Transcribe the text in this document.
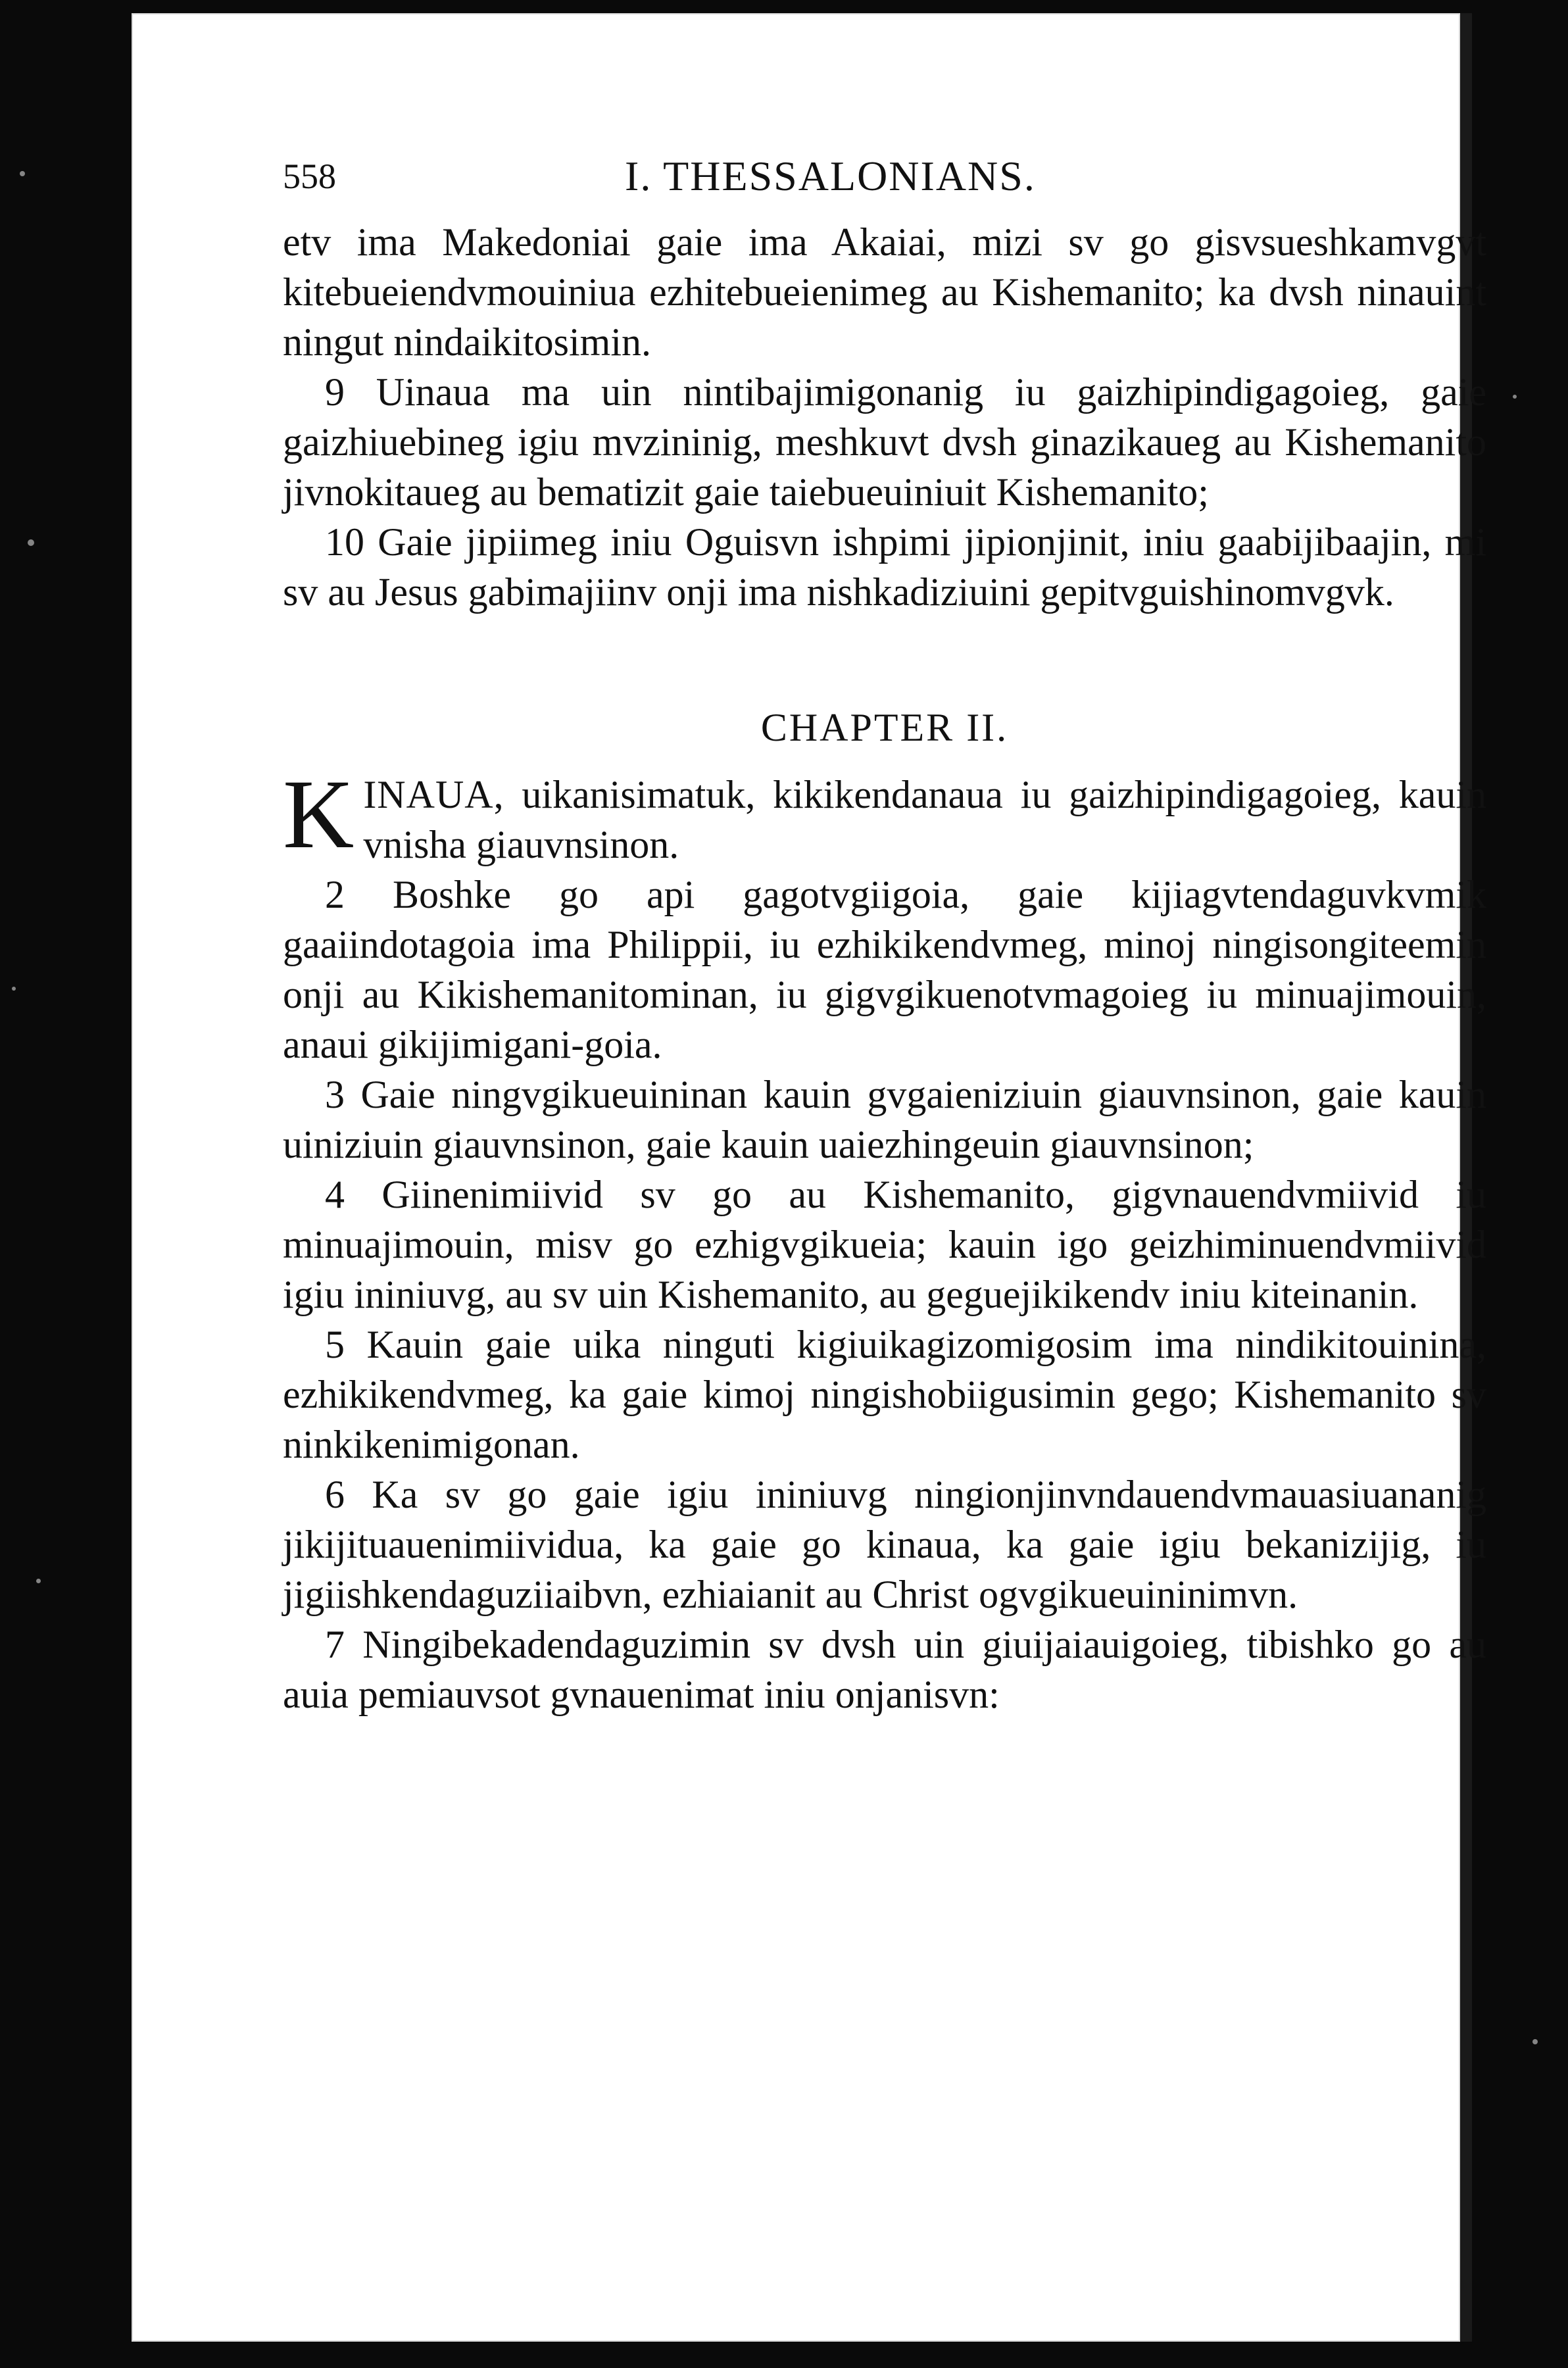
558	I. THESSALONIANS.

etv ima Makedoniai gaie ima Akaiai, mizi sv go gisvsueshkamvgvt kitebueiendvmouiniua ezhitebueienimeg au Kishemanito; ka dvsh ninauint ningut nindaikitosimin.

9 Uinaua ma uin nintibajimigonanig iu gaizhipindigagoieg, gaie gaizhiuebineg igiu mvzininig, meshkuvt dvsh ginazikaueg au Kishemanito jivnokitaueg au bematizit gaie taiebueuiniuit Kishemanito;

10 Gaie jipiimeg iniu Oguisvn ishpimi jipionjinit, iniu gaabijibaajin, mi sv au Jesus gabimajiinv onji ima nishkadiziuini gepitvguishinomvgvk.

CHAPTER II.

KINAUA, uikanisimatuk, kikikendanaua iu gaizhipindigagoieg, kauin vnisha giauvnsinon.

2 Boshke go api gagotvgiigoia, gaie kijiagvtendaguvkvmik gaaiindotagoia ima Philippii, iu ezhikikendvmeg, minoj ningisongiteemin onji au Kikishemanitominan, iu gigvgikuenotvmagoieg iu minuajimouin, anaui gikijimigani-goia.

3 Gaie ningvgikueuininan kauin gvgaieniziuin giauvnsinon, gaie kauin uiniziuin giauvnsinon, gaie kauin uaiezhingeuin giauvnsinon;

4 Giinenimiivid sv go au Kishemanito, gigvnauendvmiivid iu minuajimouin, misv go ezhigvgikueia; kauin igo geizhiminuendvmiivid igiu ininiuvg, au sv uin Kishemanito, au geguejikikendv iniu kiteinanin.

5 Kauin gaie uika ninguti kigiuikagizomigosim ima nindikitouinina, ezhikikendvmeg, ka gaie kimoj ningishobiigusimin gego; Kishemanito sv ninkikenimigonan.

6 Ka sv go gaie igiu ininiuvg ningionjinvndauendvmauasiuananig jikijituauenimiividua, ka gaie go kinaua, ka gaie igiu bekanizijig, iu jigiishkendaguziiaibvn, ezhiaianit au Christ ogvgikueuininimvn.

7 Ningibekadendaguzimin sv dvsh uin giuijaiauigoieg, tibishko go au auia pemiauvsot gvnauenimat iniu onjanisvn:
